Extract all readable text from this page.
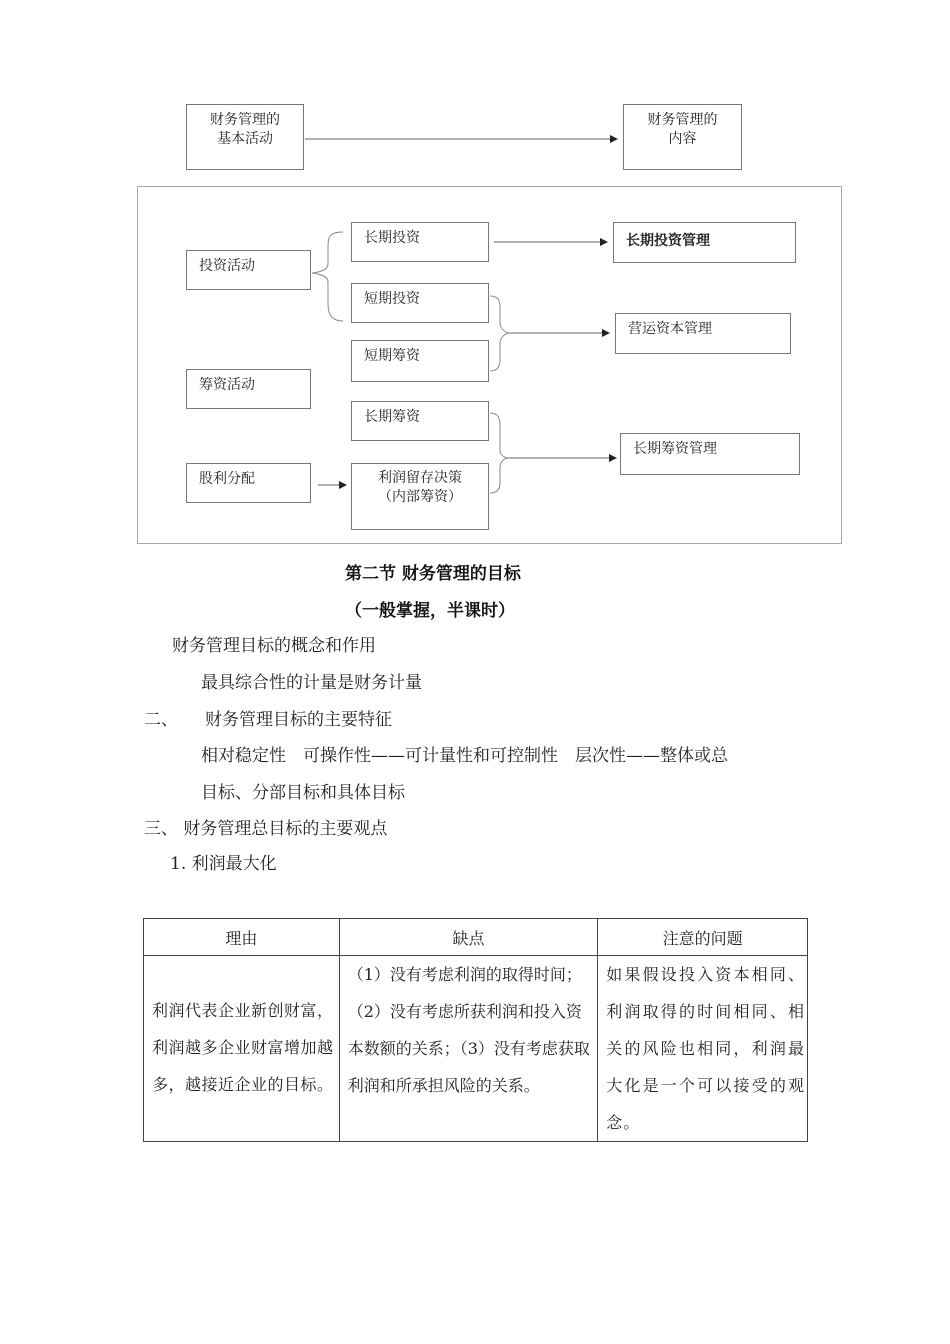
财务管理的
基本活动
财务管理的
内容
投资活动
筹资活动
股利分配
长期投资
短期投资
短期筹资
长期筹资
利润留存决策
（内部筹资）
长期投资管理
营运资本管理
长期筹资管理
第二节 财务管理的目标
（一般掌握，半课时）
财务管理目标的概念和作用
最具综合性的计量是财务计量
二、 财务管理目标的主要特征
相对稳定性　可操作性——可计量性和可控制性　层次性——整体或总
目标、分部目标和具体目标
三、 财务管理总目标的主要观点
1. 利润最大化
理由	缺点	注意的问题
利润代表企业新创财富，利润越多企业财富增加越多，越接近企业的目标。	（1）没有考虑利润的取得时间；（2）没有考虑所获利润和投入资本数额的关系；（3）没有考虑获取利润和所承担风险的关系。	如果假设投入资本相同、利润取得的时间相同、相关的风险也相同，利润最大化是一个可以接受的观念。
